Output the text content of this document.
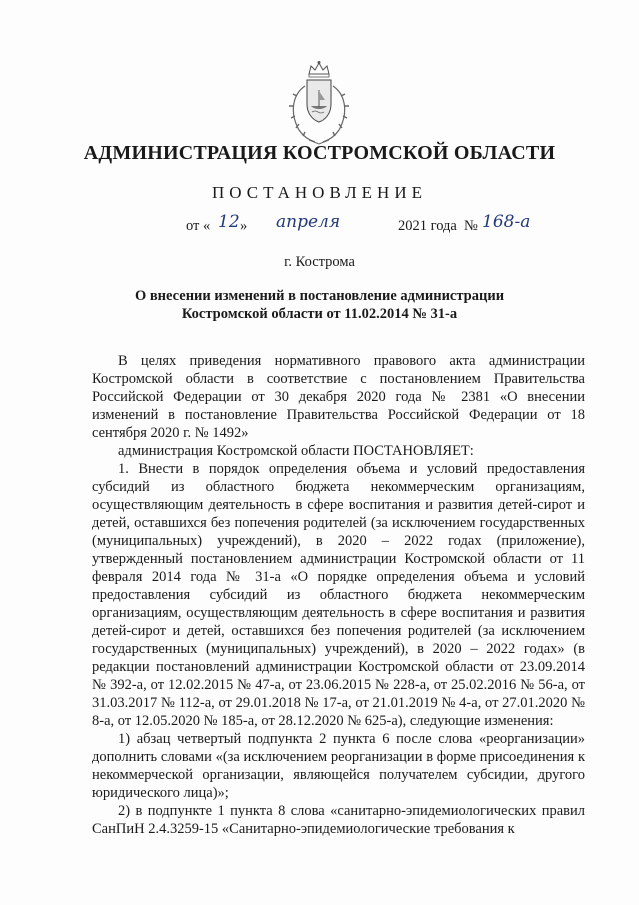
АДМИНИСТРАЦИЯ КОСТРОМСКОЙ ОБЛАСТИ
ПОСТАНОВЛЕНИЕ
от « 12 » апреля	2021 года № 168-а
г. Кострома
О внесении изменений в постановление администрации
Костромской области от 11.02.2014 № 31-а

В целях приведения нормативного правового акта администрации Костромской области в соответствие с постановлением Правительства Российской Федерации от 30 декабря 2020 года № 2381 «О внесении изменений в постановление Правительства Российской Федерации от 18 сентября 2020 г. № 1492»

администрация Костромской области ПОСТАНОВЛЯЕТ:

1. Внести в порядок определения объема и условий предоставления субсидий из областного бюджета некоммерческим организациям, осуществляющим деятельность в сфере воспитания и развития детей-сирот и детей, оставшихся без попечения родителей (за исключением государственных (муниципальных) учреждений), в 2020 – 2022 годах (приложение), утвержденный постановлением администрации Костромской области от 11 февраля 2014 года № 31-а «О порядке определения объема и условий предоставления субсидий из областного бюджета некоммерческим организациям, осуществляющим деятельность в сфере воспитания и развития детей-сирот и детей, оставшихся без попечения родителей (за исключением государственных (муниципальных) учреждений), в 2020 – 2022 годах» (в редакции постановлений администрации Костромской области от 23.09.2014 № 392-а, от 12.02.2015 № 47-а, от 23.06.2015 № 228-а, от 25.02.2016 № 56-а, от 31.03.2017 № 112-а, от 29.01.2018 № 17-а, от 21.01.2019 № 4-а, от 27.01.2020 № 8-а, от 12.05.2020 № 185-а, от 28.12.2020 № 625-а), следующие изменения:

1) абзац четвертый подпункта 2 пункта 6 после слова «реорганизации» дополнить словами «(за исключением реорганизации в форме присоединения к некоммерческой организации, являющейся получателем субсидии, другого юридического лица)»;

2) в подпункте 1 пункта 8 слова «санитарно-эпидемиологических правил СанПиН 2.4.3259-15 «Санитарно-эпидемиологические требования к
